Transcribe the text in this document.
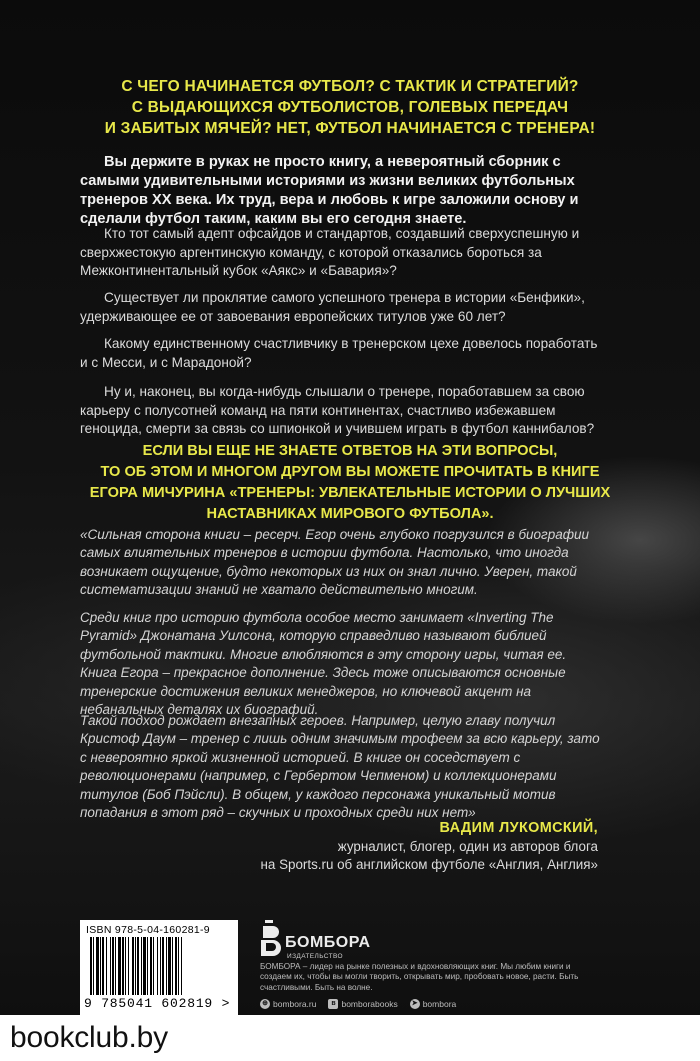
С ЧЕГО НАЧИНАЕТСЯ ФУТБОЛ? С ТАКТИК И СТРАТЕГИЙ?
С ВЫДАЮЩИХСЯ ФУТБОЛИСТОВ, ГОЛЕВЫХ ПЕРЕДАЧ
И ЗАБИТЫХ МЯЧЕЙ? НЕТ, ФУТБОЛ НАЧИНАЕТСЯ С ТРЕНЕРА!
Вы держите в руках не просто книгу, а невероятный сборник с самыми удивительными историями из жизни великих футбольных тренеров XX века. Их труд, вера и любовь к игре заложили основу и сделали футбол таким, каким вы его сегодня знаете.
Кто тот самый адепт офсайдов и стандартов, создавший сверхуспешную и сверхжестокую аргентинскую команду, с которой отказались бороться за Межконтинентальный кубок «Аякс» и «Бавария»?
Существует ли проклятие самого успешного тренера в истории «Бенфики», удерживающее ее от завоевания европейских титулов уже 60 лет?
Какому единственному счастливчику в тренерском цехе довелось поработать и с Месси, и с Марадоной?
Ну и, наконец, вы когда-нибудь слышали о тренере, поработавшем за свою карьеру с полусотней команд на пяти континентах, счастливо избежавшем геноцида, смерти за связь со шпионкой и учившем играть в футбол каннибалов?
ЕСЛИ ВЫ ЕЩЕ НЕ ЗНАЕТЕ ОТВЕТОВ НА ЭТИ ВОПРОСЫ,
ТО ОБ ЭТОМ И МНОГОМ ДРУГОМ ВЫ МОЖЕТЕ ПРОЧИТАТЬ В КНИГЕ
ЕГОРА МИЧУРИНА «ТРЕНЕРЫ: УВЛЕКАТЕЛЬНЫЕ ИСТОРИИ О ЛУЧШИХ
НАСТАВНИКАХ МИРОВОГО ФУТБОЛА».
«Сильная сторона книги – ресерч. Егор очень глубоко погрузился в биографии самых влиятельных тренеров в истории футбола. Настолько, что иногда возникает ощущение, будто некоторых из них он знал лично. Уверен, такой систематизации знаний не хватало действительно многим.
Среди книг про историю футбола особое место занимает «Inverting The Pyramid» Джонатана Уилсона, которую справедливо называют библией футбольной тактики. Многие влюбляются в эту сторону игры, читая ее. Книга Егора – прекрасное дополнение. Здесь тоже описываются основные тренерские достижения великих менеджеров, но ключевой акцент на небанальных деталях их биографий.
Такой подход рождает внезапных героев. Например, целую главу получил Кристоф Даум – тренер с лишь одним значимым трофеем за всю карьеру, зато с невероятно яркой жизненной историей. В книге он соседствует с революционерами (например, с Гербертом Чепменом) и коллекционерами титулов (Боб Пэйсли). В общем, у каждого персонажа уникальный мотив попадания в этот ряд – скучных и проходных среди них нет»
ВАДИМ ЛУКОМСКИЙ,
журналист, блогер, один из авторов блога
на Sports.ru об английском футболе «Англия, Англия»
ISBN 978-5-04-160281-9
9 785041 602819 >
БОМБОРА
ИЗДАТЕЛЬСТВО
БОМБОРА – лидер на рынке полезных и вдохновляющих книг. Мы любим книги и создаем их, чтобы вы могли творить, открывать мир, пробовать новое, расти. Быть счастливыми. Быть на волне.
⊕ bombora.ru	в bomborabooks ➤ bombora
bookclub.by
